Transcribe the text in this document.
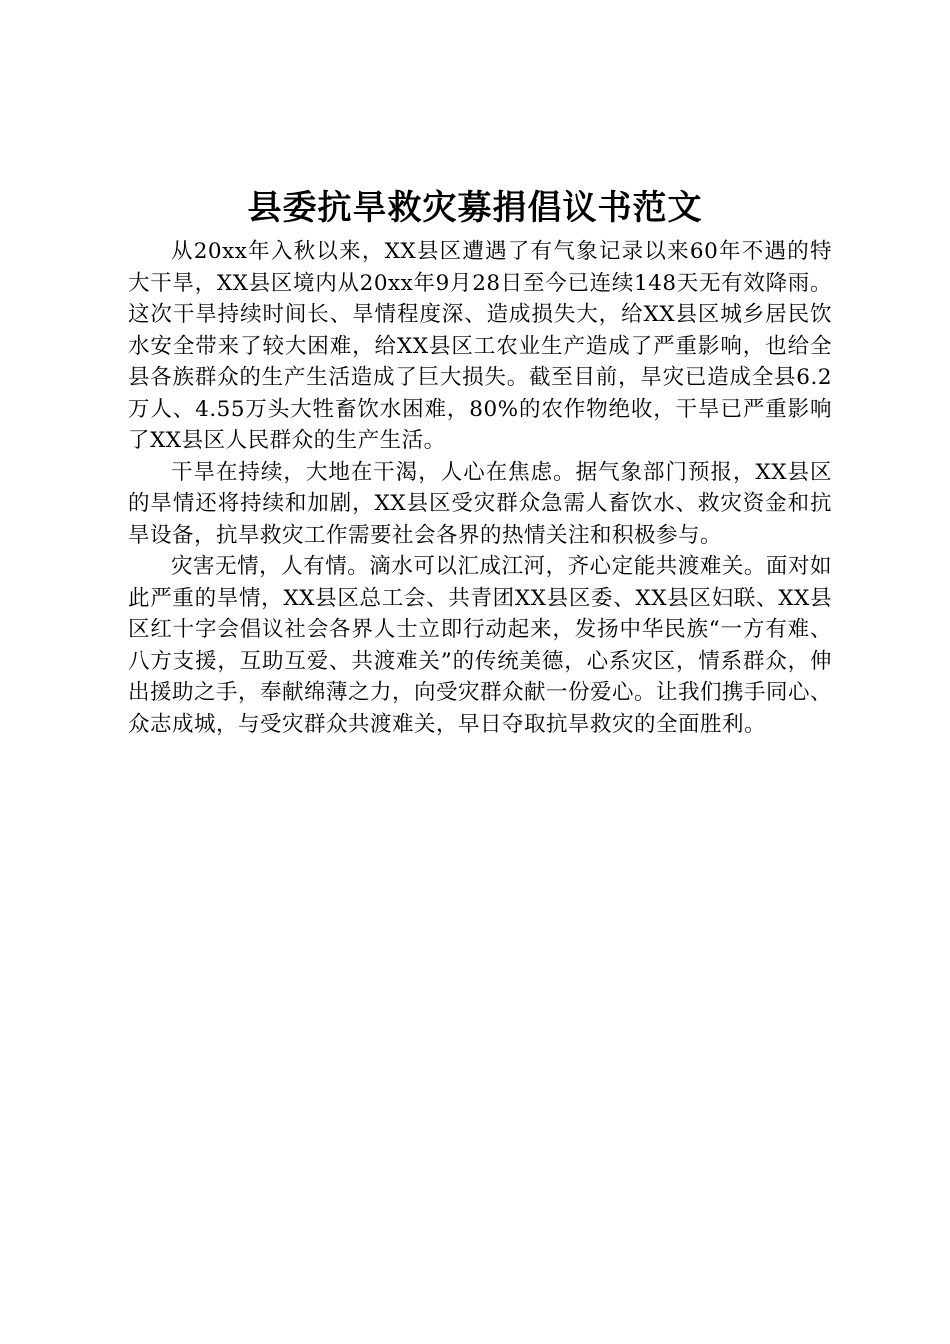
县委抗旱救灾募捐倡议书范文

从20xx年入秋以来，XX县区遭遇了有气象记录以来60年不遇的特大干旱，XX县区境内从20xx年9月28日至今已连续148天无有效降雨。这次干旱持续时间长、旱情程度深、造成损失大，给XX县区城乡居民饮水安全带来了较大困难，给XX县区工农业生产造成了严重影响，也给全县各族群众的生产生活造成了巨大损失。截至目前，旱灾已造成全县6.2万人、4.55万头大牲畜饮水困难，80%的农作物绝收，干旱已严重影响了XX县区人民群众的生产生活。

干旱在持续，大地在干渴，人心在焦虑。据气象部门预报，XX县区的旱情还将持续和加剧，XX县区受灾群众急需人畜饮水、救灾资金和抗旱设备，抗旱救灾工作需要社会各界的热情关注和积极参与。

灾害无情，人有情。滴水可以汇成江河，齐心定能共渡难关。面对如此严重的旱情，XX县区总工会、共青团XX县区委、XX县区妇联、XX县区红十字会倡议社会各界人士立即行动起来，发扬中华民族“一方有难、八方支援，互助互爱、共渡难关”的传统美德，心系灾区，情系群众，伸出援助之手，奉献绵薄之力，向受灾群众献一份爱心。让我们携手同心、众志成城，与受灾群众共渡难关，早日夺取抗旱救灾的全面胜利。
